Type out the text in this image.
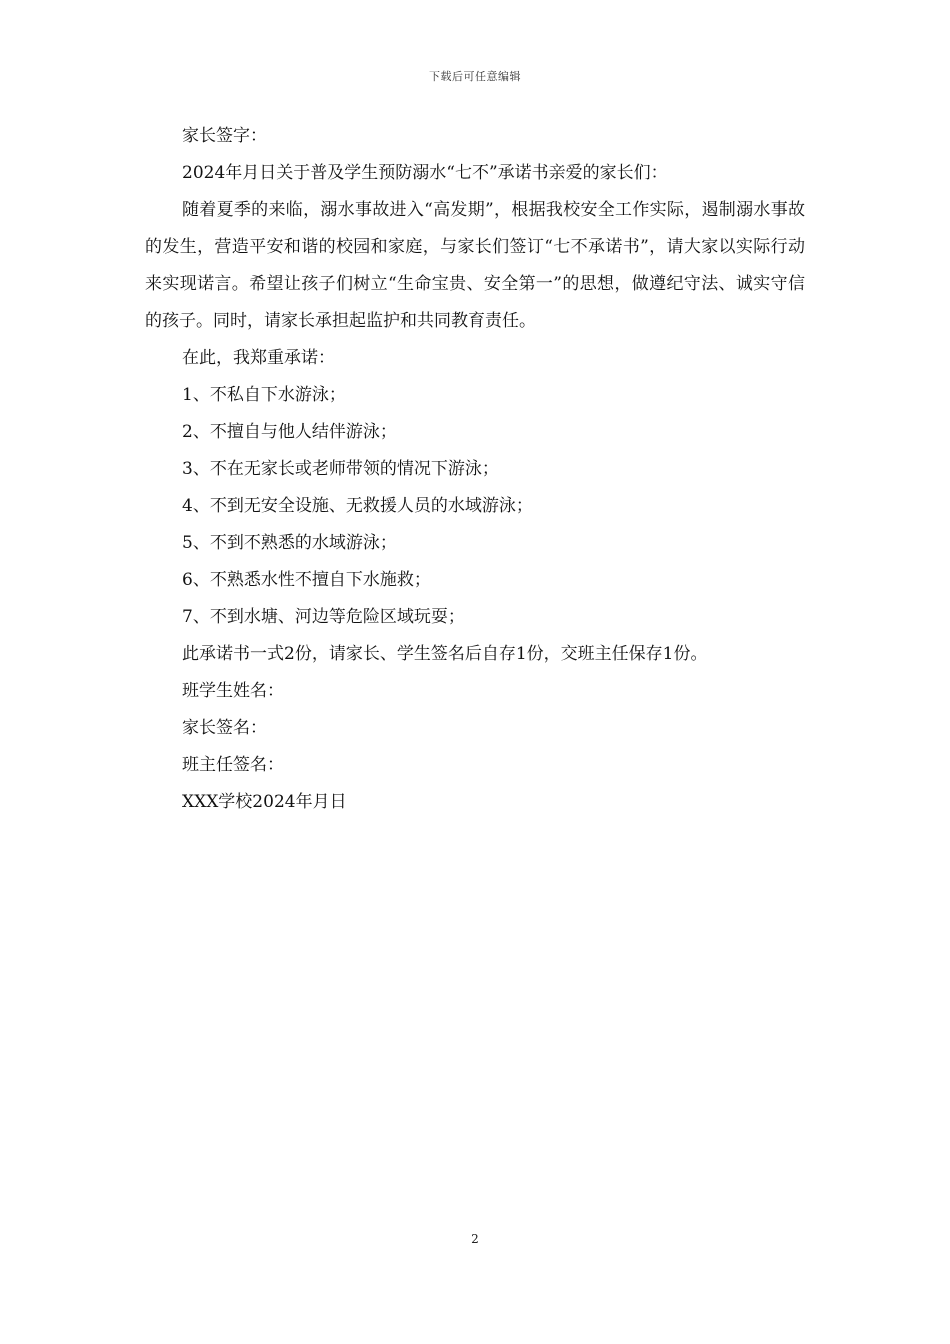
下载后可任意编辑

家长签字：

2024年月日关于普及学生预防溺水“七不”承诺书亲爱的家长们：

随着夏季的来临，溺水事故进入“高发期”，根据我校安全工作实际，遏制溺水事故的发生，营造平安和谐的校园和家庭，与家长们签订“七不承诺书”，请大家以实际行动来实现诺言。希望让孩子们树立“生命宝贵、安全第一”的思想，做遵纪守法、诚实守信的孩子。同时，请家长承担起监护和共同教育责任。

在此，我郑重承诺：

1、不私自下水游泳；

2、不擅自与他人结伴游泳；

3、不在无家长或老师带领的情况下游泳；

4、不到无安全设施、无救援人员的水域游泳；

5、不到不熟悉的水域游泳；

6、不熟悉水性不擅自下水施救；

7、不到水塘、河边等危险区域玩耍；

此承诺书一式2份，请家长、学生签名后自存1份，交班主任保存1份。

班学生姓名：

家长签名：

班主任签名：

XXX学校2024年月日

2
